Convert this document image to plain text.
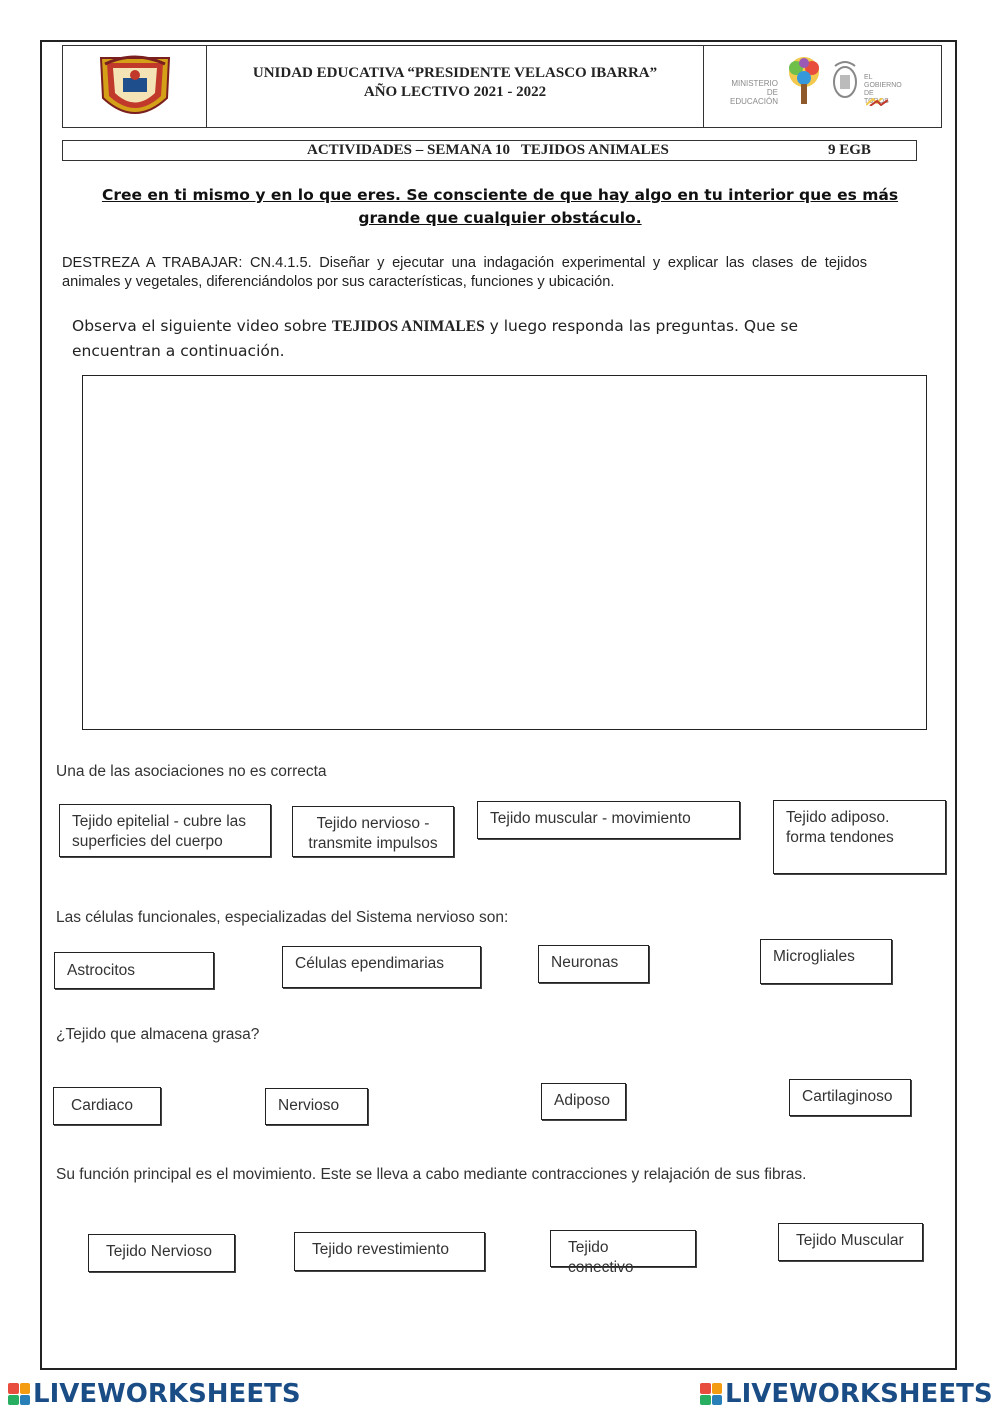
UNIDAD EDUCATIVA “PRESIDENTE VELASCO IBARRA”
AÑO LECTIVO 2021 - 2022	MINISTERIO
DE EDUCACIÓN
EL
GOBIERNO
DE TODOS
ACTIVIDADES – SEMANA 10   TEJIDOS ANIMALES	9 EGB
Cree en ti mismo y en lo que eres. Se consciente de que hay algo en tu interior que es más grande que cualquier obstáculo.
DESTREZA A TRABAJAR: CN.4.1.5. Diseñar y ejecutar una indagación experimental y explicar las clases de tejidos animales y vegetales, diferenciándolos por sus características, funciones y ubicación.
Observa el siguiente video sobre TEJIDOS ANIMALES y luego responda las preguntas. Que se encuentran a continuación.
Una de las asociaciones no es correcta
Tejido epitelial - cubre las superficies del cuerpo
Tejido nervioso - transmite impulsos
Tejido muscular - movimiento	Tejido adiposo. forma tendones
Las células funcionales, especializadas del Sistema nervioso son:
Astrocitos	Células ependimarias	Neuronas	Microgliales
¿Tejido que almacena grasa?
Cardiaco	Nervioso	Adiposo	Cartilaginoso
Su función principal es el movimiento. Este se lleva a cabo mediante contracciones y relajación de sus fibras.
Tejido Nervioso	Tejido revestimiento	Tejido conectivo
Tejido Muscular
LIVEWORKSHEETS	LIVEWORKSHEETS
